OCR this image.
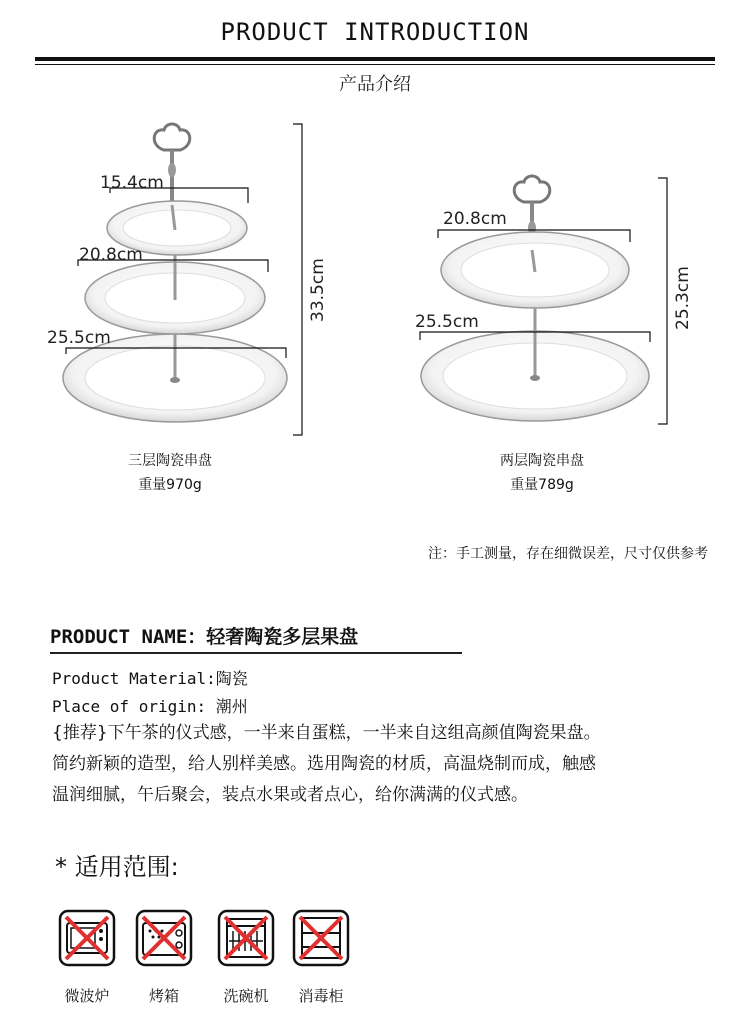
PRODUCT INTRODUCTION
产品介绍
15.4cm
20.8cm
25.5cm
33.5cm
三层陶瓷串盘
重量970g
20.8cm
25.5cm	25.3cm
两层陶瓷串盘
重量789g
注：手工测量，存在细微误差，尺寸仅供参考
PRODUCT NAME：轻奢陶瓷多层果盘
Product Material:陶瓷
Place of origin: 潮州
{推荐}下午茶的仪式感，一半来自蛋糕，一半来自这组高颜值陶瓷果盘。
简约新颖的造型，给人别样美感。选用陶瓷的材质，高温烧制而成，触感
温润细腻，午后聚会，装点水果或者点心，给你满满的仪式感。
* 适用范围:
微波炉	烤箱	洗碗机	消毒柜
